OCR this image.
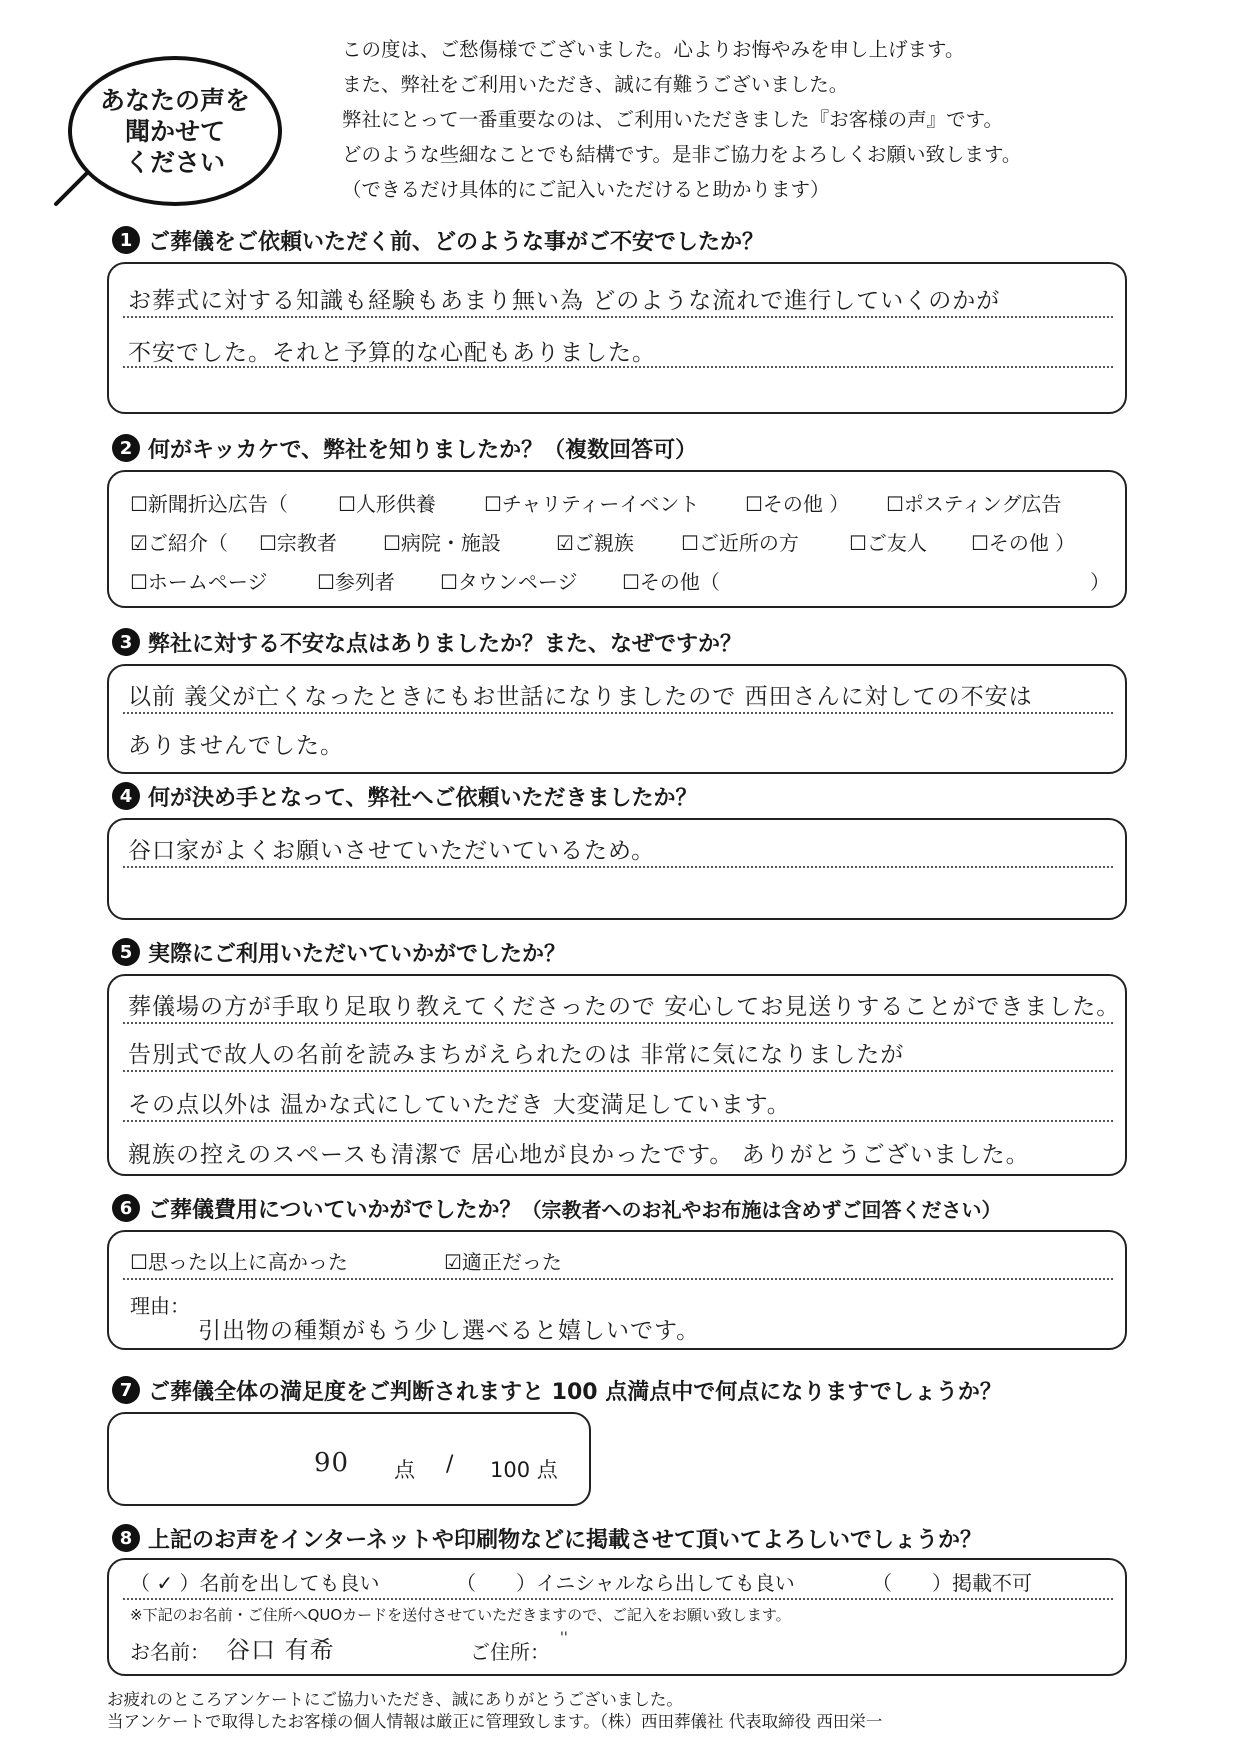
あなたの声を
聞かせて
ください
この度は、ご愁傷様でございました。心よりお悔やみを申し上げます。
また、弊社をご利用いただき、誠に有難うございました。
弊社にとって一番重要なのは、ご利用いただきました『お客様の声』です。
どのような些細なことでも結構です。是非ご協力をよろしくお願い致します。
（できるだけ具体的にご記入いただけると助かります）
1 ご葬儀をご依頼いただく前、どのような事がご不安でしたか？
お葬式に対する知識も経験もあまり無い為 どのような流れで進行していくのかが
不安でした。それと予算的な心配もありました。
2 何がキッカケで、弊社を知りましたか？（複数回答可）
☐新聞折込広告（	☐人形供養 ☐チャリティーイベント ☐その他 ） ☐ポスティング広告
☑ご紹介（ ☐宗教者 ☐病院・施設	☑ご親族 ☐ご近所の方	☐ご友人 ☐その他 ）
☐ホームページ ☐参列者 ☐タウンページ ☐その他（	）
3 弊社に対する不安な点はありましたか？また、なぜですか？
以前 義父が亡くなったときにもお世話になりましたので 西田さんに対しての不安は
ありませんでした。
4 何が決め手となって、弊社へご依頼いただきましたか？
谷口家がよくお願いさせていただいているため。
5 実際にご利用いただいていかがでしたか？
葬儀場の方が手取り足取り教えてくださったので 安心してお見送りすることができました。
告別式で故人の名前を読みまちがえられたのは 非常に気になりましたが
その点以外は 温かな式にしていただき 大変満足しています。
親族の控えのスペースも清潔で 居心地が良かったです。 ありがとうございました。
6 ご葬儀費用についていかがでしたか？ （宗教者へのお礼やお布施は含めずご回答ください）
☐思った以上に高かった	☑適正だった
理由：
引出物の種類がもう少し選べると嬉しいです。
7 ご葬儀全体の満足度をご判断されますと 100 点満点中で何点になりますでしょうか？
90 点 / 100 点
8 上記のお声をインターネットや印刷物などに掲載させて頂いてよろしいでしょうか？
（ ✓ ）名前を出しても良い	（　　）イニシャルなら出しても良い	（　　）掲載不可
※下記のお名前・ご住所へQUOカードを送付させていただきますので、ご記入をお願い致します。
お名前： 谷口 有希	ご住所：
''
お疲れのところアンケートにご協力いただき、誠にありがとうございました。
当アンケートで取得したお客様の個人情報は厳正に管理致します。（株）西田葬儀社 代表取締役 西田栄一
